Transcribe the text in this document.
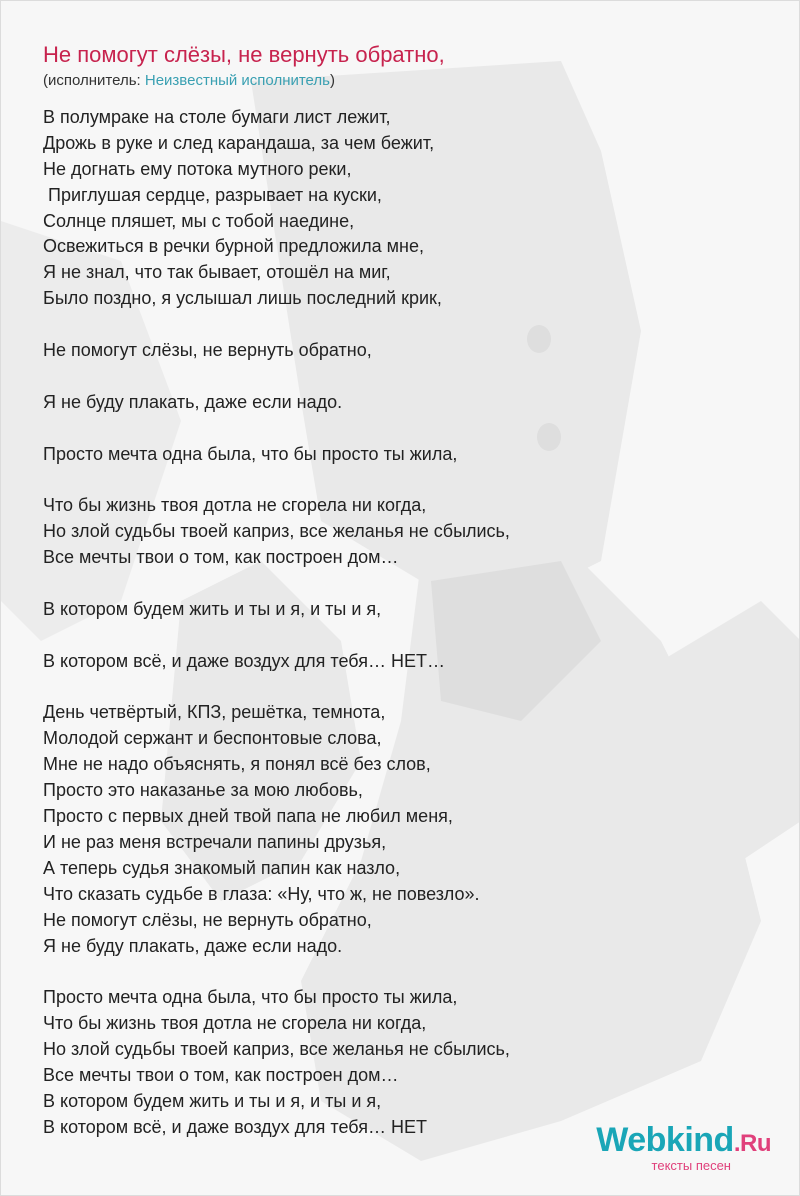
Не помогут слёзы, не вернуть обратно,
(исполнитель: Неизвестный исполнитель)
В полумраке на столе бумаги лист лежит,
Дрожь в руке и след карандаша, за чем бежит,
Не догнать ему потока мутного реки,
Приглушая сердце, разрывает на куски,
Солнце пляшет, мы с тобой наедине,
Освежиться в речки бурной предложила мне,
Я не знал, что так бывает, отошёл на миг,
Было поздно, я услышал лишь последний крик,
Не помогут слёзы, не вернуть обратно,
Я не буду плакать, даже если надо.
Просто мечта одна была, что бы просто ты жила,
Что бы жизнь твоя дотла не сгорела ни когда,
Но злой судьбы твоей каприз, все желанья не сбылись,
Все мечты твои о том, как построен дом…
В котором будем жить и ты и я, и ты и я,
В котором всё, и даже воздух для тебя… НЕТ…
День четвёртый, КПЗ, решётка, темнота,
Молодой сержант и беспонтовые слова,
Мне не надо объяснять, я понял всё без слов,
Просто это наказанье за мою любовь,
Просто с первых дней твой папа не любил меня,
И не раз меня встречали папины друзья,
А теперь судья знакомый папин как назло,
Что сказать судьбе в глаза: «Ну, что ж, не повезло».
Не помогут слёзы, не вернуть обратно,
Я не буду плакать, даже если надо.
Просто мечта одна была, что бы просто ты жила,
Что бы жизнь твоя дотла не сгорела ни когда,
Но злой судьбы твоей каприз, все желанья не сбылись,
Все мечты твои о том, как построен дом…
В котором будем жить и ты и я, и ты и я,
В котором всё, и даже воздух для тебя… НЕТ	Webkind.Ru
тексты песен
